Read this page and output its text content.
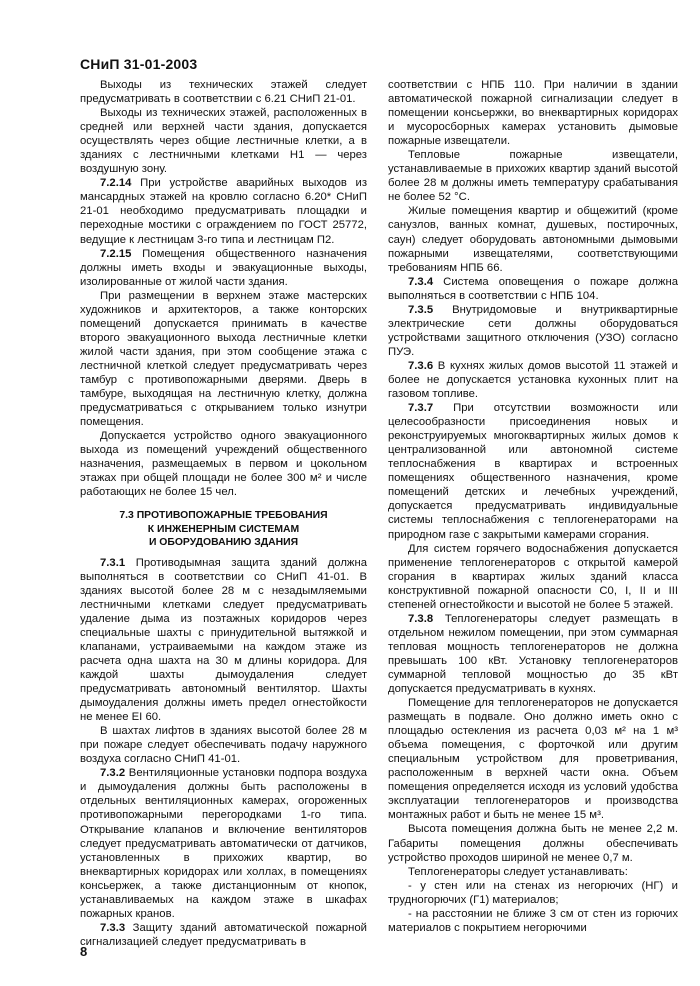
СНиП 31-01-2003

Выходы из технических этажей следует предусматривать в соответствии с 6.21 СНиП 21-01.

Выходы из технических этажей, расположенных в средней или верхней части здания, допускается осуществлять через общие лестничные клетки, а в зданиях с лестничными клетками Н1 — через воздушную зону.

7.2.14 При устройстве аварийных выходов из мансардных этажей на кровлю согласно 6.20* СНиП 21-01 необходимо предусматривать площадки и переходные мостики с ограждением по ГОСТ 25772, ведущие к лестницам 3-го типа и лестницам П2.

7.2.15 Помещения общественного назначения должны иметь входы и эвакуационные выходы, изолированные от жилой части здания.

При размещении в верхнем этаже мастерских художников и архитекторов, а также конторских помещений допускается принимать в качестве второго эвакуационного выхода лестничные клетки жилой части здания, при этом сообщение этажа с лестничной клеткой следует предусматривать через тамбур с противопожарными дверями. Дверь в тамбуре, выходящая на лестничную клетку, должна предусматриваться с открыванием только изнутри помещения.

Допускается устройство одного эвакуационного выхода из помещений учреждений общественного назначения, размещаемых в первом и цокольном этажах при общей площади не более 300 м² и числе работающих не более 15 чел.

7.3 ПРОТИВОПОЖАРНЫЕ ТРЕБОВАНИЯ
К ИНЖЕНЕРНЫМ СИСТЕМАМ
И ОБОРУДОВАНИЮ ЗДАНИЯ

7.3.1 Противодымная защита зданий должна выполняться в соответствии со СНиП 41-01. В зданиях высотой более 28 м с незадымляемыми лестничными клетками следует предусматривать удаление дыма из поэтажных коридоров через специальные шахты с принудительной вытяжкой и клапанами, устраиваемыми на каждом этаже из расчета одна шахта на 30 м длины коридора. Для каждой шахты дымоудаления следует предусматривать автономный вентилятор. Шахты дымоудаления должны иметь предел огнестойкости не менее EI 60.

В шахтах лифтов в зданиях высотой более 28 м при пожаре следует обеспечивать подачу наружного воздуха согласно СНиП 41-01.

7.3.2 Вентиляционные установки подпора воздуха и дымоудаления должны быть расположены в отдельных вентиляционных камерах, огороженных противопожарными перегородками 1-го типа. Открывание клапанов и включение вентиляторов следует предусматривать автоматически от датчиков, установленных в прихожих квартир, во внеквартирных коридорах или холлах, в помещениях консьержек, а также дистанционным от кнопок, устанавливаемых на каждом этаже в шкафах пожарных кранов.

7.3.3 Защиту зданий автоматической пожарной сигнализацией следует предусматривать в

соответствии с НПБ 110. При наличии в здании автоматической пожарной сигнализации следует в помещении консьержки, во внеквартирных коридорах и мусоросборных камерах установить дымовые пожарные извещатели.

Тепловые пожарные извещатели, устанавливаемые в прихожих квартир зданий высотой более 28 м должны иметь температуру срабатывания не более 52 °С.

Жилые помещения квартир и общежитий (кроме санузлов, ванных комнат, душевых, постирочных, саун) следует оборудовать автономными дымовыми пожарными извещателями, соответствующими требованиям НПБ 66.

7.3.4 Система оповещения о пожаре должна выполняться в соответствии с НПБ 104.

7.3.5 Внутридомовые и внутриквартирные электрические сети должны оборудоваться устройствами защитного отключения (УЗО) согласно ПУЭ.

7.3.6 В кухнях жилых домов высотой 11 этажей и более не допускается установка кухонных плит на газовом топливе.

7.3.7 При отсутствии возможности или целесообразности присоединения новых и реконструируемых многоквартирных жилых домов к централизованной или автономной системе теплоснабжения в квартирах и встроенных помещениях общественного назначения, кроме помещений детских и лечебных учреждений, допускается предусматривать индивидуальные системы теплоснабжения с теплогенераторами на природном газе с закрытыми камерами сгорания.

Для систем горячего водоснабжения допускается применение теплогенераторов с открытой камерой сгорания в квартирах жилых зданий класса конструктивной пожарной опасности С0, I, II и III степеней огнестойкости и высотой не более 5 этажей.

7.3.8 Теплогенераторы следует размещать в отдельном нежилом помещении, при этом суммарная тепловая мощность теплогенераторов не должна превышать 100 кВт. Установку теплогенераторов суммарной тепловой мощностью до 35 кВт допускается предусматривать в кухнях.

Помещение для теплогенераторов не допускается размещать в подвале. Оно должно иметь окно с площадью остекления из расчета 0,03 м² на 1 м³ объема помещения, с форточкой или другим специальным устройством для проветривания, расположенным в верхней части окна. Объем помещения определяется исходя из условий удобства эксплуатации теплогенераторов и производства монтажных работ и быть не менее 15 м³.

Высота помещения должна быть не менее 2,2 м. Габариты помещения должны обеспечивать устройство проходов шириной не менее 0,7 м.

Теплогенераторы следует устанавливать:

- у стен или на стенах из негорючих (НГ) и трудногорючих (Г1) материалов;

- на расстоянии не ближе 3 см от стен из горючих материалов с покрытием негорючими

8
